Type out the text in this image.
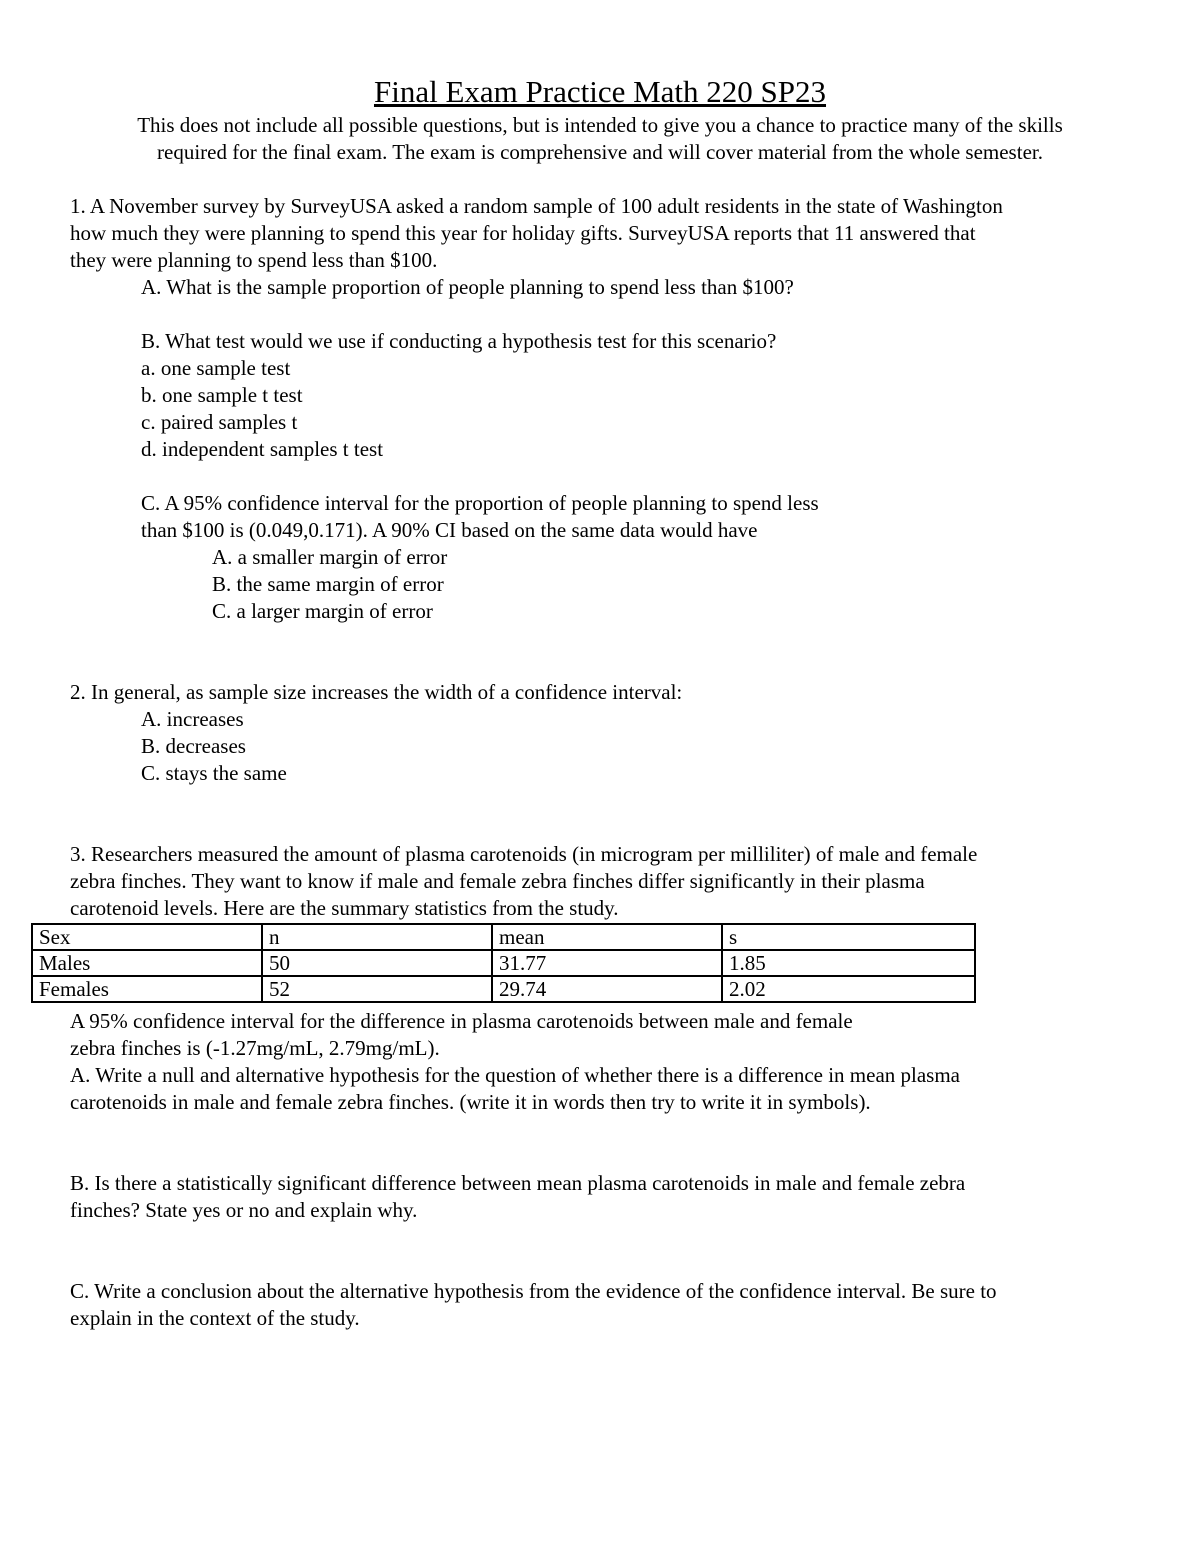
Final Exam Practice Math 220 SP23
This does not include all possible questions, but is intended to give you a chance to practice many of the skills
required for the final exam. The exam is comprehensive and will cover material from the whole semester.
1. A November survey by SurveyUSA asked a random sample of 100 adult residents in the state of Washington
how much they were planning to spend this year for holiday gifts. SurveyUSA reports that 11 answered that
they were planning to spend less than $100.
A. What is the sample proportion of people planning to spend less than $100?
B. What test would we use if conducting a hypothesis test for this scenario?
a. one sample test
b. one sample t test
c. paired samples t
d. independent samples t test
C. A 95% confidence interval for the proportion of people planning to spend less
than $100 is (0.049,0.171). A 90% CI based on the same data would have
A. a smaller margin of error
B. the same margin of error
C. a larger margin of error
2. In general, as sample size increases the width of a confidence interval:
A. increases
B. decreases
C. stays the same
3. Researchers measured the amount of plasma carotenoids (in microgram per milliliter) of male and female
zebra finches. They want to know if male and female zebra finches differ significantly in their plasma
carotenoid levels. Here are the summary statistics from the study.
Sex	n	mean	s
Males	50	31.77	1.85
Females	52	29.74	2.02
A 95% confidence interval for the difference in plasma carotenoids between male and female
zebra finches is (-1.27mg/mL, 2.79mg/mL).
A. Write a null and alternative hypothesis for the question of whether there is a difference in mean plasma
carotenoids in male and female zebra finches. (write it in words then try to write it in symbols).
B. Is there a statistically significant difference between mean plasma carotenoids in male and female zebra
finches? State yes or no and explain why.
C. Write a conclusion about the alternative hypothesis from the evidence of the confidence interval. Be sure to
explain in the context of the study.
